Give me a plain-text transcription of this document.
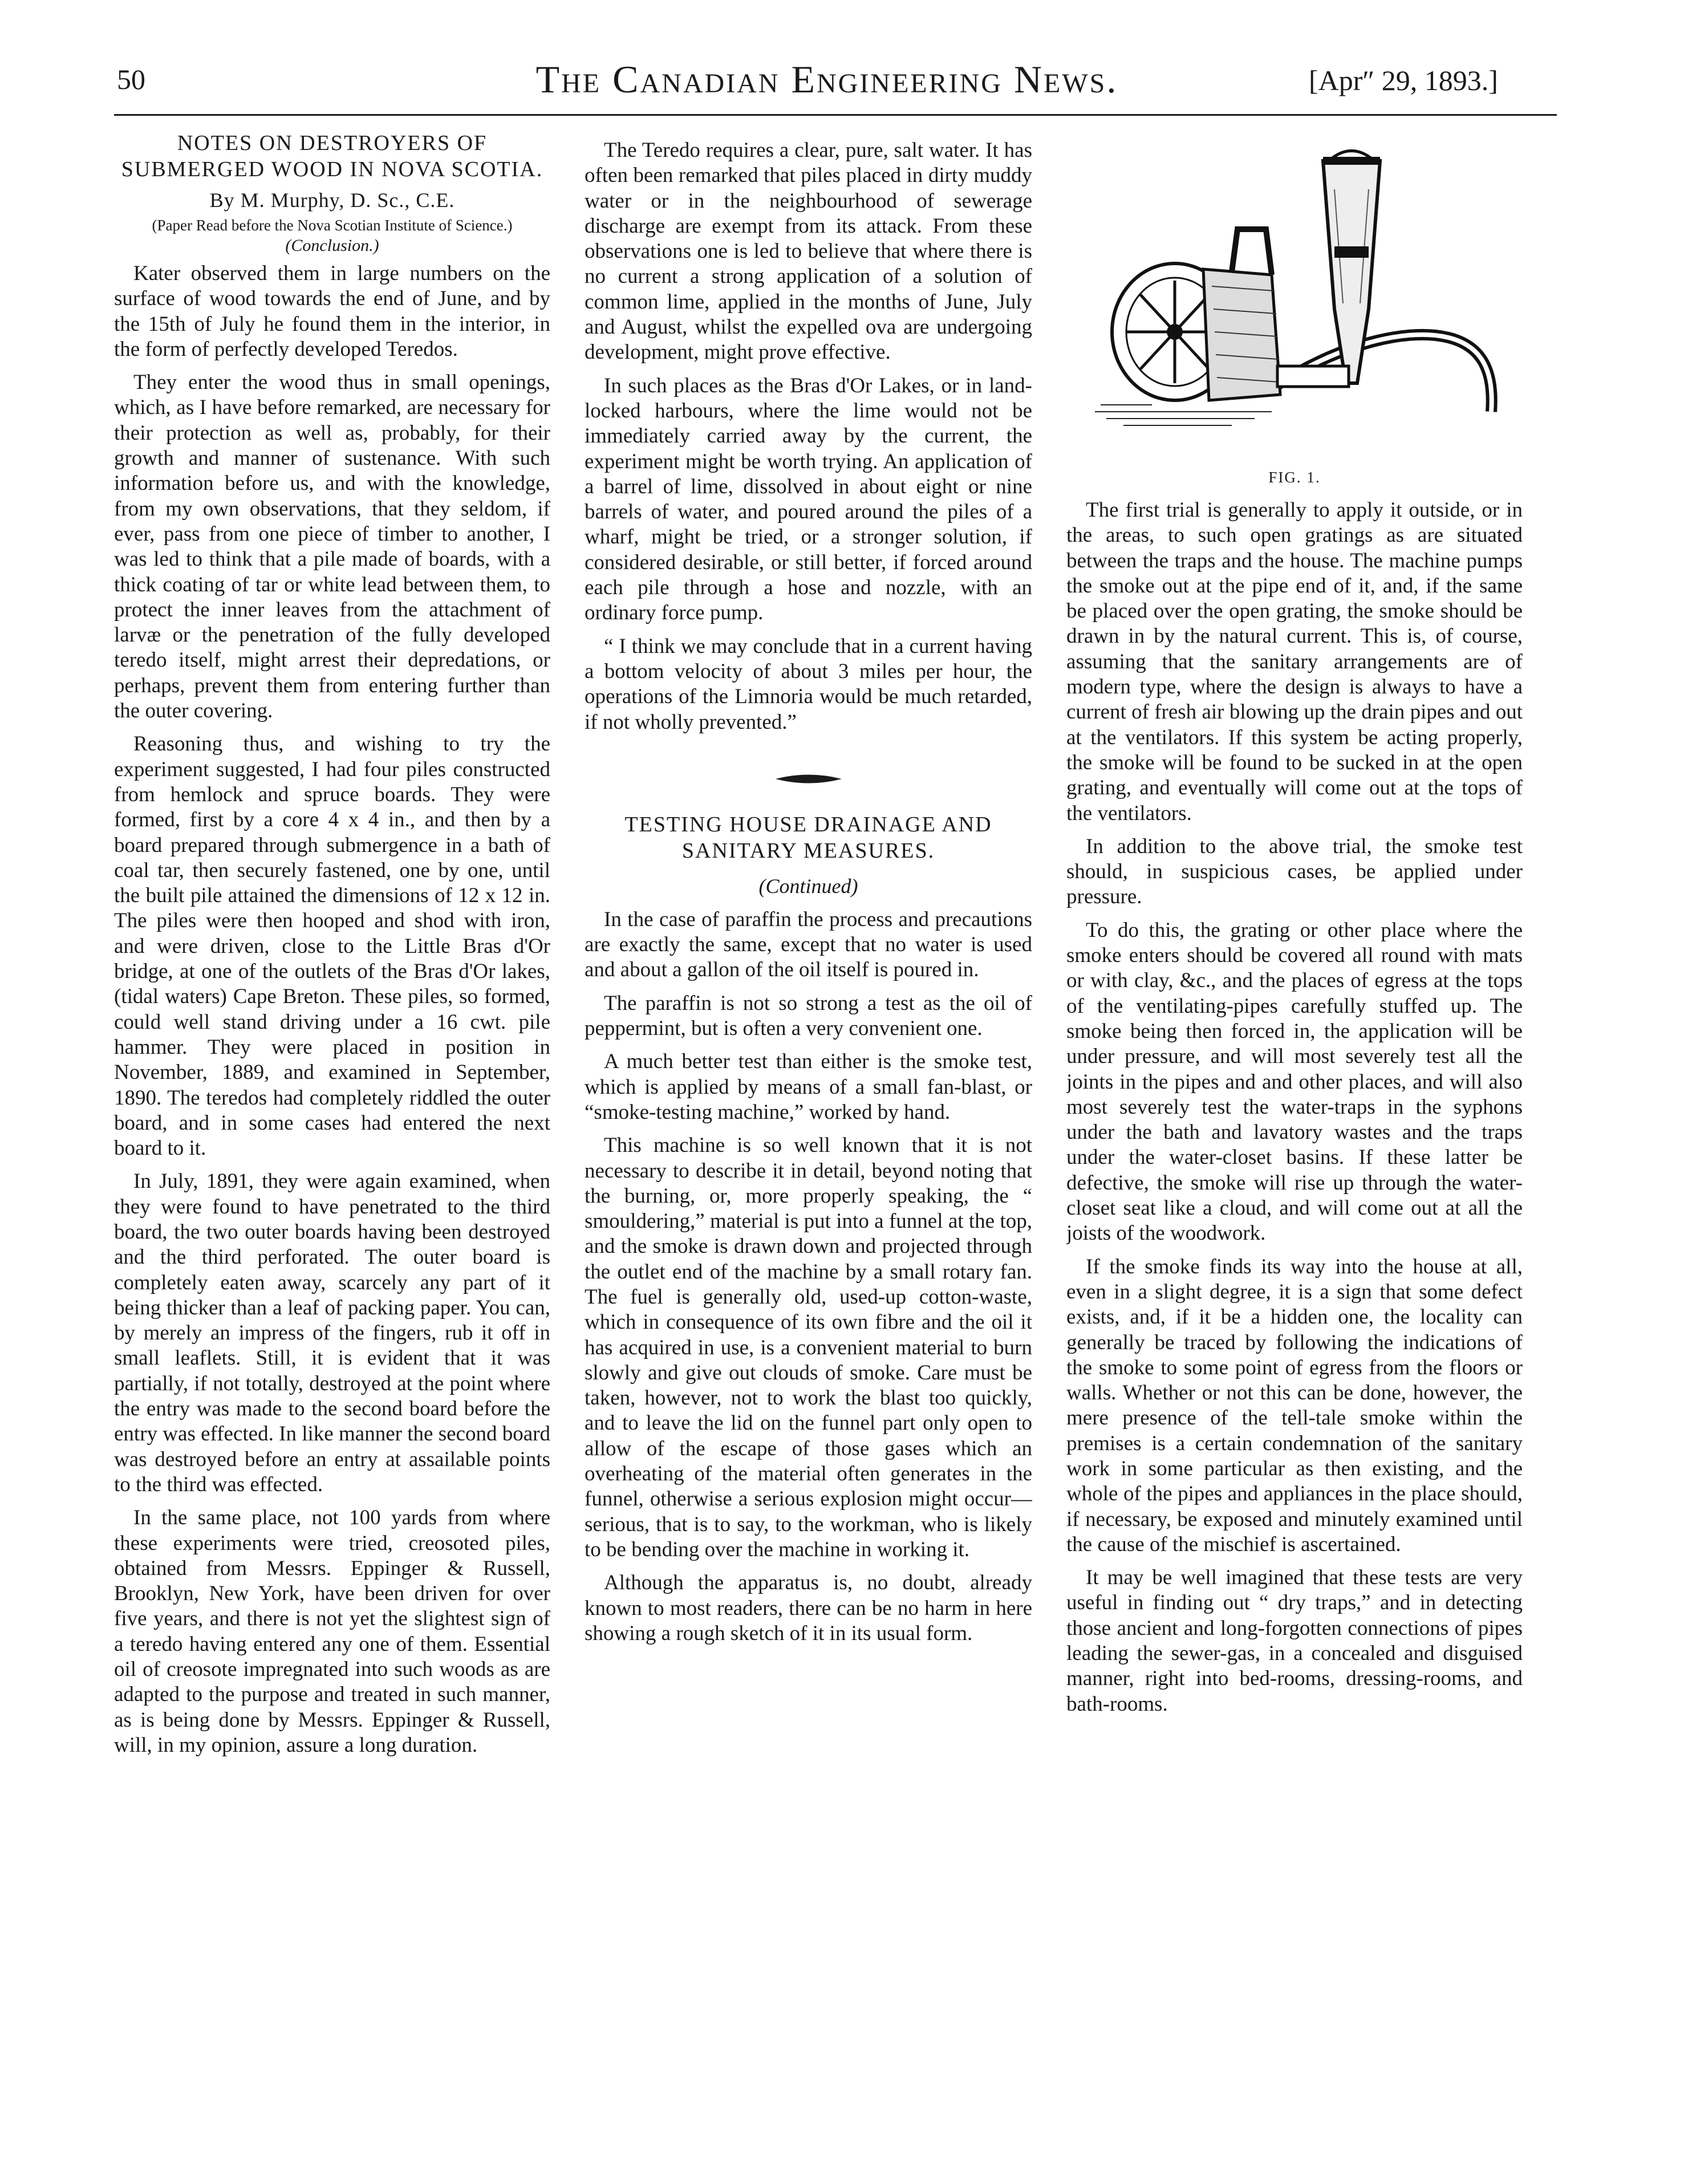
50	The Canadian Engineering News.	[Apr″ 29, 1893.]
NOTES ON DESTROYERS OF SUBMERGED WOOD IN NOVA SCOTIA.
By M. Murphy, D. Sc., C.E.
(Paper Read before the Nova Scotian Institute of Science.)
(Conclusion.)

Kater observed them in large numbers on the surface of wood towards the end of June, and by the 15th of July he found them in the interior, in the form of perfectly developed Teredos.

They enter the wood thus in small openings, which, as I have before remarked, are necessary for their protection as well as, probably, for their growth and manner of sustenance. With such information before us, and with the knowledge, from my own observations, that they seldom, if ever, pass from one piece of timber to another, I was led to think that a pile made of boards, with a thick coating of tar or white lead between them, to protect the inner leaves from the attachment of larvæ or the penetration of the fully developed teredo itself, might arrest their depredations, or perhaps, prevent them from entering further than the outer covering.

Reasoning thus, and wishing to try the experiment suggested, I had four piles constructed from hemlock and spruce boards. They were formed, first by a core 4 x 4 in., and then by a board prepared through submergence in a bath of coal tar, then securely fastened, one by one, until the built pile attained the dimensions of 12 x 12 in. The piles were then hooped and shod with iron, and were driven, close to the Little Bras d'Or bridge, at one of the outlets of the Bras d'Or lakes, (tidal waters) Cape Breton. These piles, so formed, could well stand driving under a 16 cwt. pile hammer. They were placed in position in November, 1889, and examined in September, 1890. The teredos had completely riddled the outer board, and in some cases had entered the next board to it.

In July, 1891, they were again examined, when they were found to have penetrated to the third board, the two outer boards having been destroyed and the third perforated. The outer board is completely eaten away, scarcely any part of it being thicker than a leaf of packing paper. You can, by merely an impress of the fingers, rub it off in small leaflets. Still, it is evident that it was partially, if not totally, destroyed at the point where the entry was made to the second board before the entry was effected. In like manner the second board was destroyed before an entry at assailable points to the third was effected.

In the same place, not 100 yards from where these experiments were tried, creosoted piles, obtained from Messrs. Eppinger & Russell, Brooklyn, New York, have been driven for over five years, and there is not yet the slightest sign of a teredo having entered any one of them. Essential oil of creosote impregnated into such woods as are adapted to the purpose and treated in such manner, as is being done by Messrs. Eppinger & Russell, will, in my opinion, assure a long duration.

The Teredo requires a clear, pure, salt water. It has often been remarked that piles placed in dirty muddy water or in the neighbourhood of sewerage discharge are exempt from its attack. From these observations one is led to believe that where there is no current a strong application of a solution of common lime, applied in the months of June, July and August, whilst the expelled ova are undergoing development, might prove effective.

In such places as the Bras d'Or Lakes, or in land-locked harbours, where the lime would not be immediately carried away by the current, the experiment might be worth trying. An application of a barrel of lime, dissolved in about eight or nine barrels of water, and poured around the piles of a wharf, might be tried, or a stronger solution, if considered desirable, or still better, if forced around each pile through a hose and nozzle, with an ordinary force pump.

“ I think we may conclude that in a current having a bottom velocity of about 3 miles per hour, the operations of the Limnoria would be much retarded, if not wholly prevented.”

TESTING HOUSE DRAINAGE AND SANITARY MEASURES.
(Continued)

In the case of paraffin the process and precautions are exactly the same, except that no water is used and about a gallon of the oil itself is poured in.

The paraffin is not so strong a test as the oil of peppermint, but is often a very convenient one.

A much better test than either is the smoke test, which is applied by means of a small fan-blast, or “smoke-testing machine,” worked by hand.

This machine is so well known that it is not necessary to describe it in detail, beyond noting that the burning, or, more properly speaking, the “ smouldering,” material is put into a funnel at the top, and the smoke is drawn down and projected through the outlet end of the machine by a small rotary fan. The fuel is generally old, used-up cotton-waste, which in consequence of its own fibre and the oil it has acquired in use, is a convenient material to burn slowly and give out clouds of smoke. Care must be taken, however, not to work the blast too quickly, and to leave the lid on the funnel part only open to allow of the escape of those gases which an overheating of the material often generates in the funnel, otherwise a serious explosion might occur—serious, that is to say, to the workman, who is likely to be bending over the machine in working it.

Although the apparatus is, no doubt, already known to most readers, there can be no harm in here showing a rough sketch of it in its usual form.

FIG. 1.

The first trial is generally to apply it outside, or in the areas, to such open gratings as are situated between the traps and the house. The machine pumps the smoke out at the pipe end of it, and, if the same be placed over the open grating, the smoke should be drawn in by the natural current. This is, of course, assuming that the sanitary arrangements are of modern type, where the design is always to have a current of fresh air blowing up the drain pipes and out at the ventilators. If this system be acting properly, the smoke will be found to be sucked in at the open grating, and eventually will come out at the tops of the ventilators.

In addition to the above trial, the smoke test should, in suspicious cases, be applied under pressure.

To do this, the grating or other place where the smoke enters should be covered all round with mats or with clay, &c., and the places of egress at the tops of the ventilating-pipes carefully stuffed up. The smoke being then forced in, the application will be under pressure, and will most severely test all the joints in the pipes and and other places, and will also most severely test the water-traps in the syphons under the bath and lavatory wastes and the traps under the water-closet basins. If these latter be defective, the smoke will rise up through the water-closet seat like a cloud, and will come out at all the joists of the woodwork.

If the smoke finds its way into the house at all, even in a slight degree, it is a sign that some defect exists, and, if it be a hidden one, the locality can generally be traced by following the indications of the smoke to some point of egress from the floors or walls. Whether or not this can be done, however, the mere presence of the tell-tale smoke within the premises is a certain condemnation of the sanitary work in some particular as then existing, and the whole of the pipes and appliances in the place should, if necessary, be exposed and minutely examined until the cause of the mischief is ascertained.

It may be well imagined that these tests are very useful in finding out “ dry traps,” and in detecting those ancient and long-forgotten connections of pipes leading the sewer-gas, in a concealed and disguised manner, right into bed-rooms, dressing-rooms, and bath-rooms.
